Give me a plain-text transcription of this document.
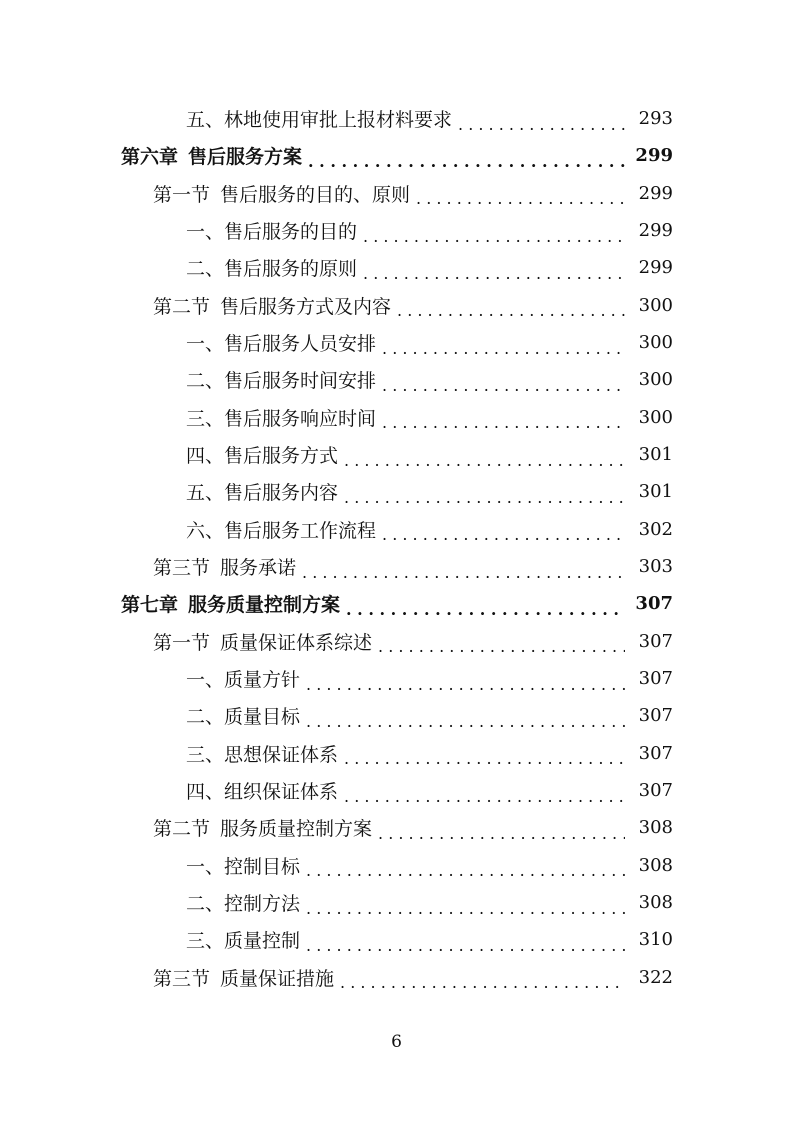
五、林地使用审批上报材料要求 . . .	293
第六章 售后服务方案 . . .	299
第一节 售后服务的目的、原则 . . .	299
一、售后服务的目的 . . .	299
二、售后服务的原则 . . .	299
第二节 售后服务方式及内容 . . .	300
一、售后服务人员安排 . . .	300
二、售后服务时间安排 . . .	300
三、售后服务响应时间 . . .	300
四、售后服务方式 . . .	301
五、售后服务内容 . . .	301
六、售后服务工作流程 . . .	302
第三节 服务承诺 . . .	303
第七章 服务质量控制方案 . . .	307
第一节 质量保证体系综述 . . .	307
一、质量方针 . . .	307
二、质量目标 . . .	307
三、思想保证体系 . . .	307
四、组织保证体系 . . .	307
第二节 服务质量控制方案 . . .	308
一、控制目标 . . .	308
二、控制方法 . . .	308
三、质量控制 . . .	310
第三节 质量保证措施 . . .	322
6
